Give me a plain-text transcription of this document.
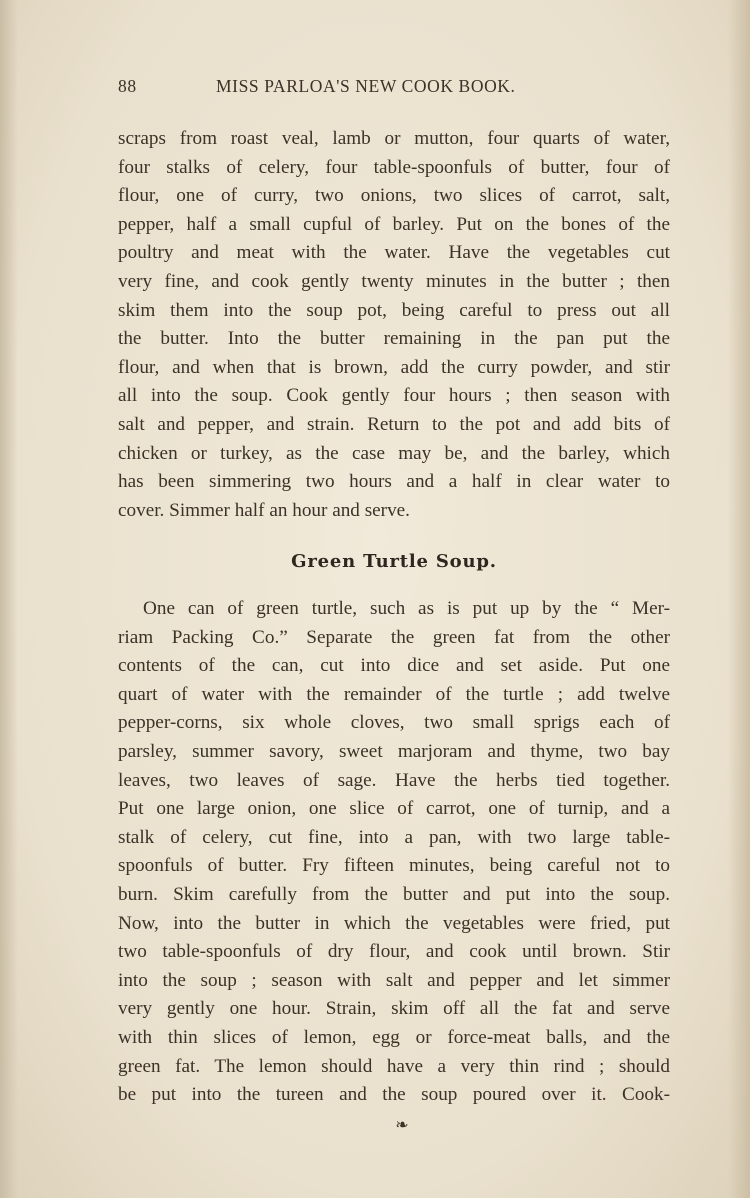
88	MISS PARLOA'S NEW COOK BOOK.
scraps from roast veal, lamb or mutton, four quarts of water,
four stalks of celery, four table-spoonfuls of butter, four of
flour, one of curry, two onions, two slices of carrot, salt,
pepper, half a small cupful of barley. Put on the bones of the
poultry and meat with the water. Have the vegetables cut
very fine, and cook gently twenty minutes in the butter ; then
skim them into the soup pot, being careful to press out all
the butter. Into the butter remaining in the pan put the
flour, and when that is brown, add the curry powder, and stir
all into the soup. Cook gently four hours ; then season with
salt and pepper, and strain. Return to the pot and add bits of
chicken or turkey, as the case may be, and the barley, which
has been simmering two hours and a half in clear water to
cover. Simmer half an hour and serve.
Green Turtle Soup.
One can of green turtle, such as is put up by the “ Mer-
riam Packing Co.” Separate the green fat from the other
contents of the can, cut into dice and set aside. Put one
quart of water with the remainder of the turtle ; add twelve
pepper-corns, six whole cloves, two small sprigs each of
parsley, summer savory, sweet marjoram and thyme, two bay
leaves, two leaves of sage. Have the herbs tied together.
Put one large onion, one slice of carrot, one of turnip, and a
stalk of celery, cut fine, into a pan, with two large table-
spoonfuls of butter. Fry fifteen minutes, being careful not to
burn. Skim carefully from the butter and put into the soup.
Now, into the butter in which the vegetables were fried, put
two table-spoonfuls of dry flour, and cook until brown. Stir
into the soup ; season with salt and pepper and let simmer
very gently one hour. Strain, skim off all the fat and serve
with thin slices of lemon, egg or force-meat balls, and the
green fat. The lemon should have a very thin rind ; should
be put into the tureen and the soup poured over it. Cook-
❧
